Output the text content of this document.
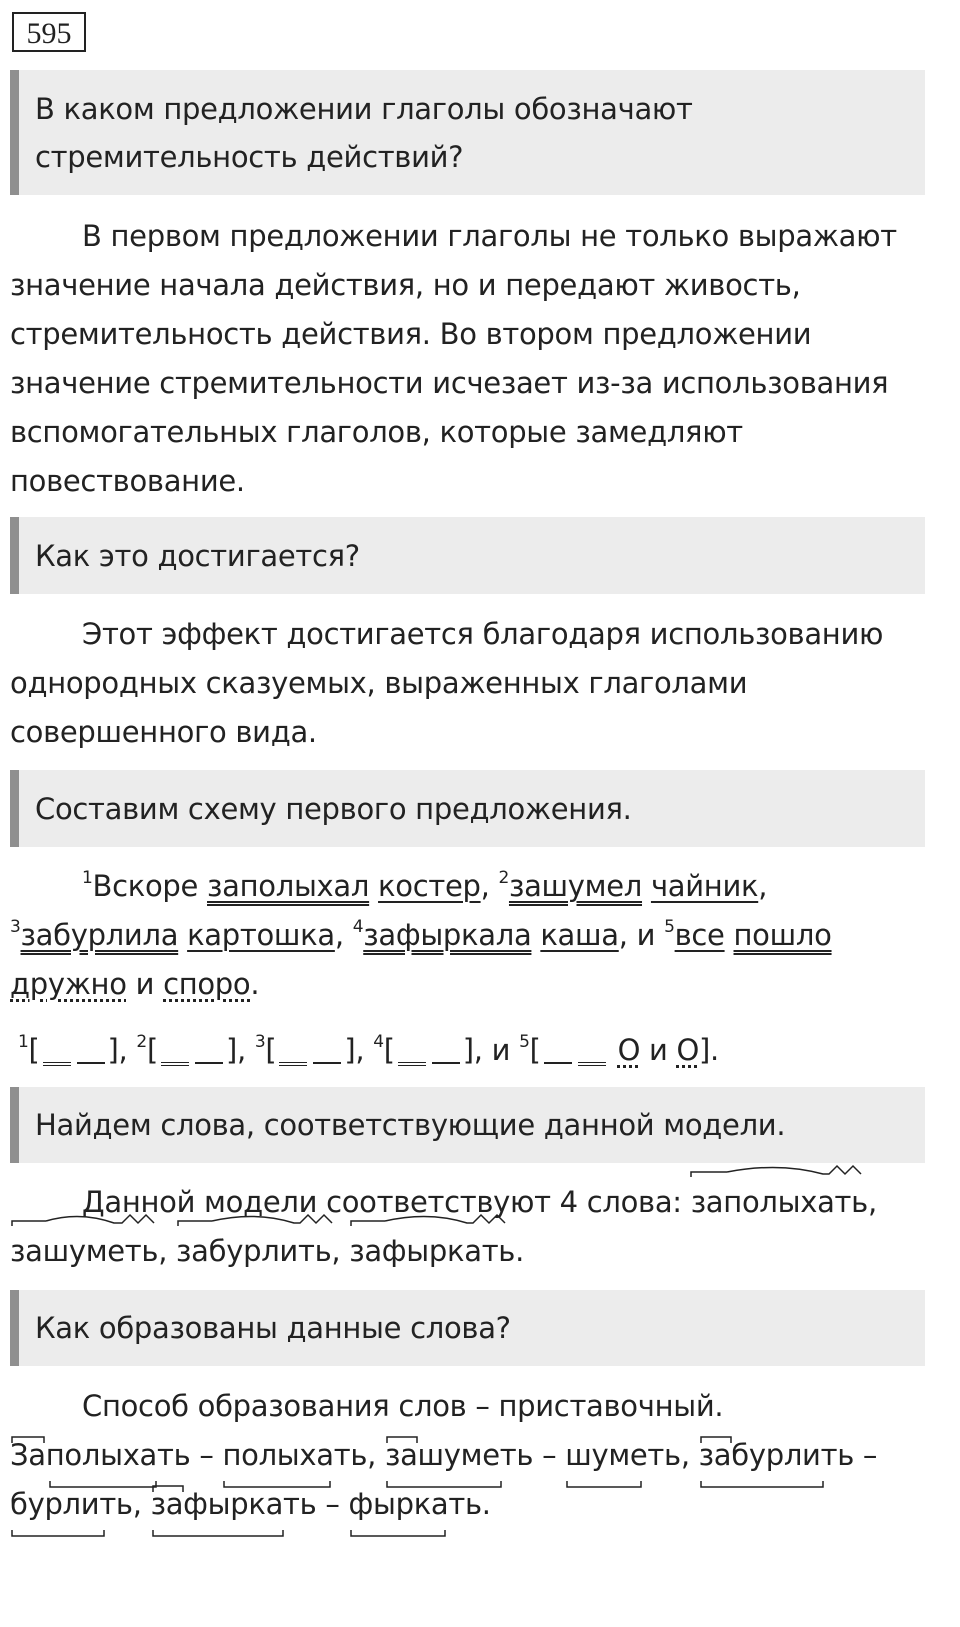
595
В каком предложении глаголы обозначают стремительность действий?
В первом предложении глаголы не только выражают значение начала действия, но и передают живость, стремительность действия. Во втором предложении значение стремительности исчезает из-за использования вспомогательных глаголов, которые замедляют повествование.
Как это достигается?
Этот эффект достигается благодаря использованию однородных сказуемых, выраженных глаголами совершенного вида.
Составим схему первого предложения.
$^1$Вскоре заполыхал костер, $^2$зашумел чайник, $^3$забурлила картошка, $^4$зафыркала каша, и $^5$все пошло
дружно и споро.
$^1$[ ], $^2$[ ], $^3$[ ], $^4$[ ], и $^5$[	О и О].
Найдем слова, соответствующие данной модели.
Данной модели соответствуют 4 слова: заполыхать,

зашуметь,
забурлить,
зафыркать.
Как образованы данные слова?
Способ образования слов – приставочный.

Заполыхать –
полыхать,
зашуметь –
шуметь,
забурлить –

бурлить,
зафыркать –
фыркать.
